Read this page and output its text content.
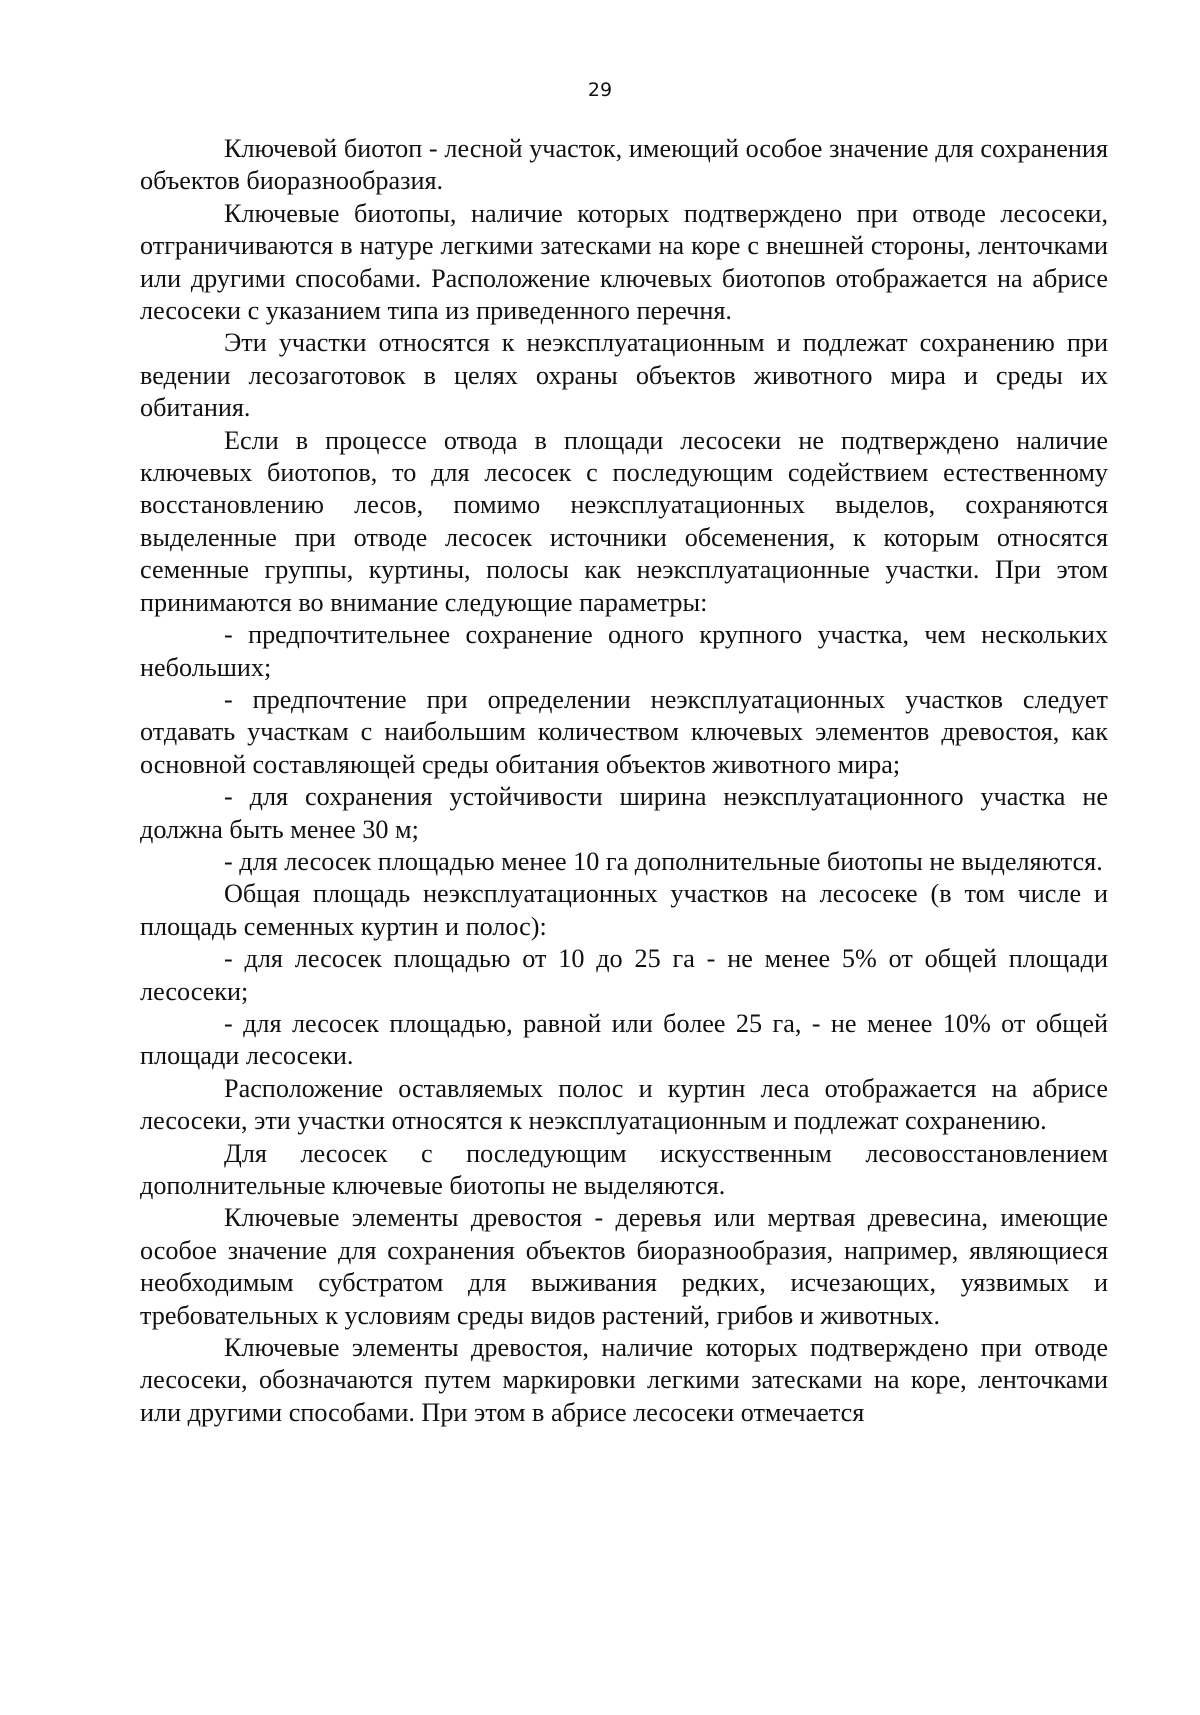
29

Ключевой биотоп - лесной участок, имеющий особое значение для сохранения объектов биоразнообразия.

Ключевые биотопы, наличие которых подтверждено при отводе лесосеки, отграничиваются в натуре легкими затесками на коре с внешней стороны, ленточками или другими способами. Расположение ключевых биотопов отображается на абрисе лесосеки с указанием типа из приведенного перечня.

Эти участки относятся к неэксплуатационным и подлежат сохранению при ведении лесозаготовок в целях охраны объектов животного мира и среды их обитания.

Если в процессе отвода в площади лесосеки не подтверждено наличие ключевых биотопов, то для лесосек с последующим содействием естественному восстановлению лесов, помимо неэксплуатационных выделов, сохраняются выделенные при отводе лесосек источники обсеменения, к которым относятся семенные группы, куртины, полосы как неэксплуатационные участки. При этом принимаются во внимание следующие параметры:

- предпочтительнее сохранение одного крупного участка, чем нескольких небольших;

- предпочтение при определении неэксплуатационных участков следует отдавать участкам с наибольшим количеством ключевых элементов древостоя, как основной составляющей среды обитания объектов животного мира;

- для сохранения устойчивости ширина неэксплуатационного участка не должна быть менее 30 м;

- для лесосек площадью менее 10 га дополнительные биотопы не выделяются.

Общая площадь неэксплуатационных участков на лесосеке (в том числе и площадь семенных куртин и полос):

- для лесосек площадью от 10 до 25 га - не менее 5% от общей площади лесосеки;

- для лесосек площадью, равной или более 25 га, - не менее 10% от общей площади лесосеки.

Расположение оставляемых полос и куртин леса отображается на абрисе лесосеки, эти участки относятся к неэксплуатационным и подлежат сохранению.

Для лесосек с последующим искусственным лесовосстановлением дополнительные ключевые биотопы не выделяются.

Ключевые элементы древостоя - деревья или мертвая древесина, имеющие особое значение для сохранения объектов биоразнообразия, например, являющиеся необходимым субстратом для выживания редких, исчезающих, уязвимых и требовательных к условиям среды видов растений, грибов и животных.

Ключевые элементы древостоя, наличие которых подтверждено при отводе лесосеки, обозначаются путем маркировки легкими затесками на коре, ленточками или другими способами. При этом в абрисе лесосеки отмечается
